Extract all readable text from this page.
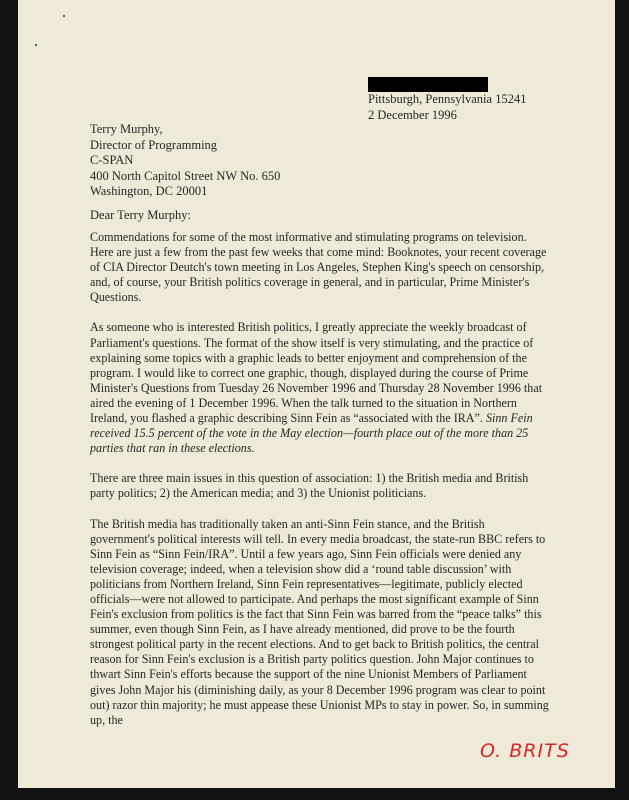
Pittsburgh, Pennsylvania 15241
2 December 1996
Terry Murphy,
Director of Programming
C-SPAN
400 North Capitol Street NW No. 650
Washington, DC 20001
Dear Terry Murphy:

Commendations for some of the most informative and stimulating programs on television. Here are just a few from the past few weeks that come mind: Booknotes, your recent coverage of CIA Director Deutch's town meeting in Los Angeles, Stephen King's speech on censorship, and, of course, your British politics coverage in general, and in particular, Prime Minister's Questions.

As someone who is interested British politics, I greatly appreciate the weekly broadcast of Parliament's questions. The format of the show itself is very stimulating, and the practice of explaining some topics with a graphic leads to better enjoyment and comprehension of the program. I would like to correct one graphic, though, displayed during the course of Prime Minister's Questions from Tuesday 26 November 1996 and Thursday 28 November 1996 that aired the evening of 1 December 1996. When the talk turned to the situation in Northern Ireland, you flashed a graphic describing Sinn Fein as “associated with the IRA”. Sinn Fein received 15.5 percent of the vote in the May election—fourth place out of the more than 25 parties that ran in these elections.

There are three main issues in this question of association: 1) the British media and British party politics; 2) the American media; and 3) the Unionist politicians.

The British media has traditionally taken an anti-Sinn Fein stance, and the British government's political interests will tell. In every media broadcast, the state-run BBC refers to Sinn Fein as “Sinn Fein/IRA”. Until a few years ago, Sinn Fein officials were denied any television coverage; indeed, when a television show did a ‘round table discussion’ with politicians from Northern Ireland, Sinn Fein representatives—legitimate, publicly elected officials—were not allowed to participate. And perhaps the most significant example of Sinn Fein's exclusion from politics is the fact that Sinn Fein was barred from the “peace talks” this summer, even though Sinn Fein, as I have already mentioned, did prove to be the fourth strongest political party in the recent elections. And to get back to British politics, the central reason for Sinn Fein's exclusion is a British party politics question. John Major continues to thwart Sinn Fein's efforts because the support of the nine Unionist Members of Parliament gives John Major his (diminishing daily, as your 8 December 1996 program was clear to point out) razor thin majority; he must appease these Unionist MPs to stay in power. So, in summing up, the

O. BRITS
